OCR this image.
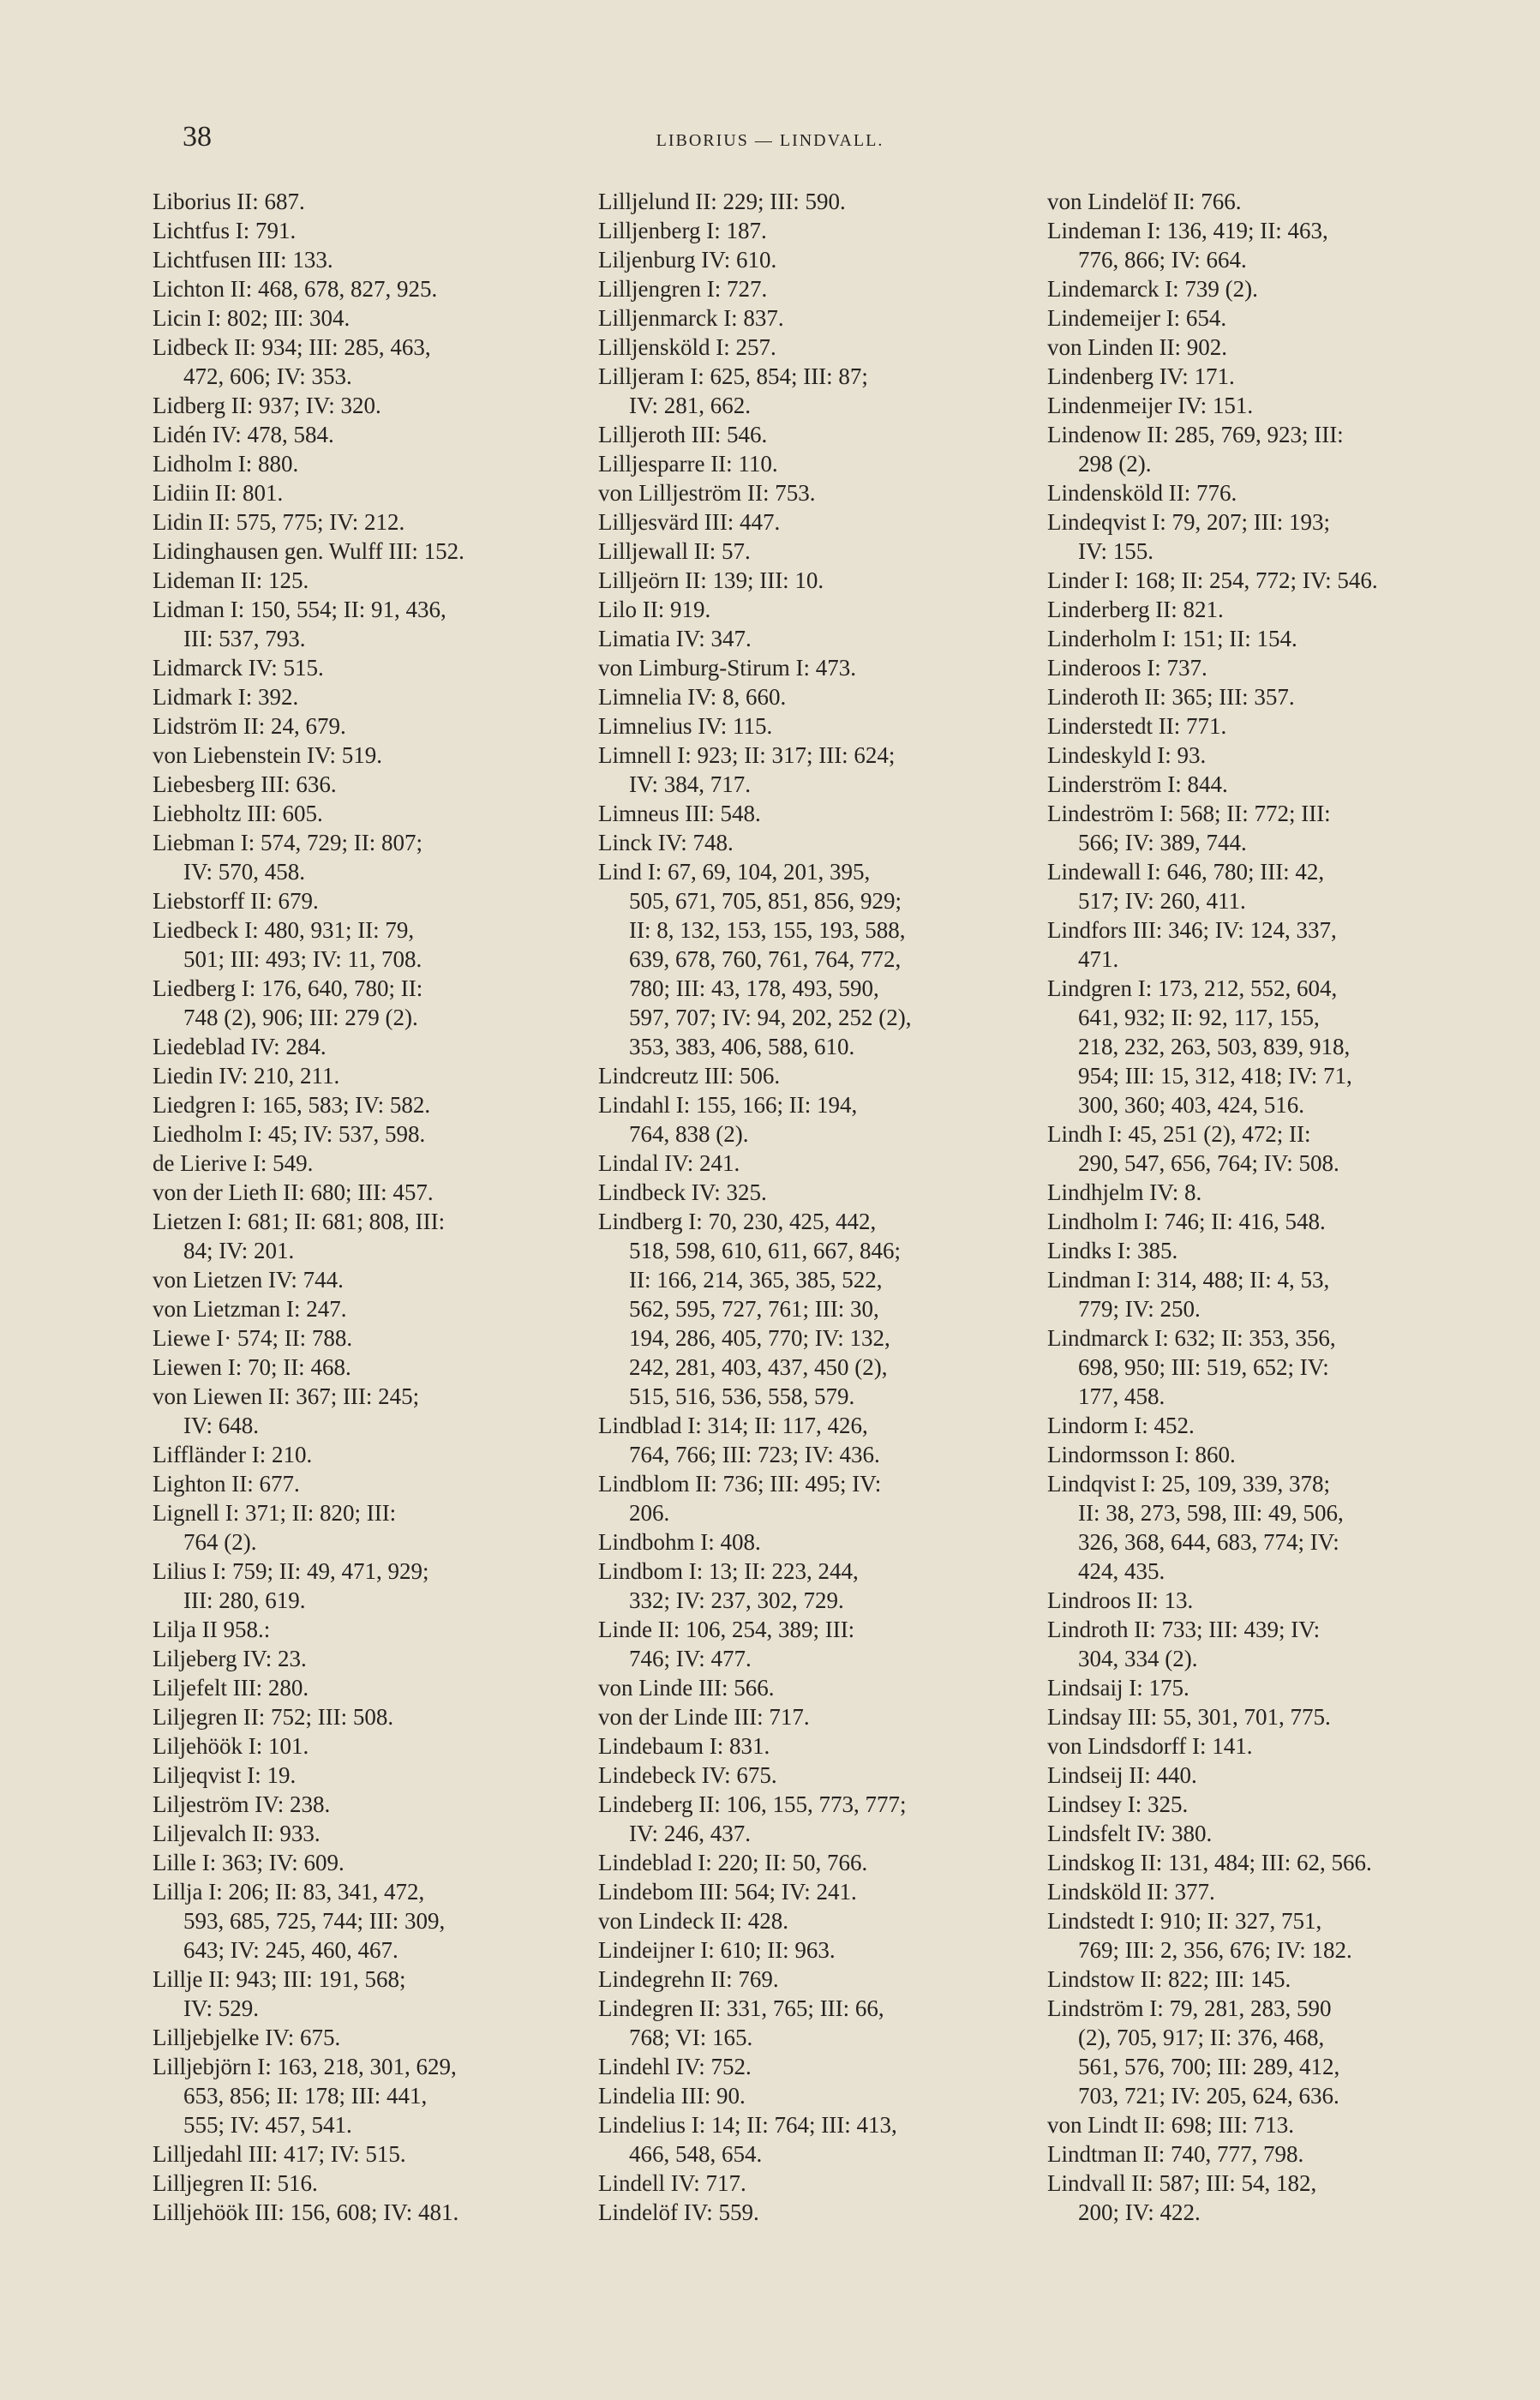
38	LIBORIUS — LINDVALL.
Liborius II: 687.
Lichtfus I: 791.
Lichtfusen III: 133.
Lichton II: 468, 678, 827, 925.
Licin I: 802; III: 304.
Lidbeck II: 934; III: 285, 463,
472, 606; IV: 353.
Lidberg II: 937; IV: 320.
Lidén IV: 478, 584.
Lidholm I: 880.
Lidiin II: 801.
Lidin II: 575, 775; IV: 212.
Lidinghausen gen. Wulff III: 152.
Lideman II: 125.
Lidman I: 150, 554; II: 91, 436,
III: 537, 793.
Lidmarck IV: 515.
Lidmark I: 392.
Lidström II: 24, 679.
von Liebenstein IV: 519.
Liebesberg III: 636.
Liebholtz III: 605.
Liebman I: 574, 729; II: 807;
IV: 570, 458.
Liebstorff II: 679.
Liedbeck I: 480, 931; II: 79,
501; III: 493; IV: 11, 708.
Liedberg I: 176, 640, 780; II:
748 (2), 906; III: 279 (2).
Liedeblad IV: 284.
Liedin IV: 210, 211.
Liedgren I: 165, 583; IV: 582.
Liedholm I: 45; IV: 537, 598.
de Lierive I: 549.
von der Lieth II: 680; III: 457.
Lietzen I: 681; II: 681; 808, III:
84; IV: 201.
von Lietzen IV: 744.
von Lietzman I: 247.
Liewe I· 574; II: 788.
Liewen I: 70; II: 468.
von Liewen II: 367; III: 245;
IV: 648.
Liffländer I: 210.
Lighton II: 677.
Lignell I: 371; II: 820; III:
764 (2).
Lilius I: 759; II: 49, 471, 929;
III: 280, 619.
Lilja II 958.:
Liljeberg IV: 23.
Liljefelt III: 280.
Liljegren II: 752; III: 508.
Liljehöök I: 101.
Liljeqvist I: 19.
Liljeström IV: 238.
Liljevalch II: 933.
Lille I: 363; IV: 609.
Lillja I: 206; II: 83, 341, 472,
593, 685, 725, 744; III: 309,
643; IV: 245, 460, 467.
Lillje II: 943; III: 191, 568;
IV: 529.
Lilljebjelke IV: 675.
Lilljebjörn I: 163, 218, 301, 629,
653, 856; II: 178; III: 441,
555; IV: 457, 541.
Lilljedahl III: 417; IV: 515.
Lilljegren II: 516.
Lilljehöök III: 156, 608; IV: 481.
Lilljelund II: 229; III: 590.
Lilljenberg I: 187.
Liljenburg IV: 610.
Lilljengren I: 727.
Lilljenmarck I: 837.
Lilljensköld I: 257.
Lilljeram I: 625, 854; III: 87;
IV: 281, 662.
Lilljeroth III: 546.
Lilljesparre II: 110.
von Lilljeström II: 753.
Lilljesvärd III: 447.
Lilljewall II: 57.
Lilljeörn II: 139; III: 10.
Lilo II: 919.
Limatia IV: 347.
von Limburg-Stirum I: 473.
Limnelia IV: 8, 660.
Limnelius IV: 115.
Limnell I: 923; II: 317; III: 624;
IV: 384, 717.
Limneus III: 548.
Linck IV: 748.
Lind I: 67, 69, 104, 201, 395,
505, 671, 705, 851, 856, 929;
II: 8, 132, 153, 155, 193, 588,
639, 678, 760, 761, 764, 772,
780; III: 43, 178, 493, 590,
597, 707; IV: 94, 202, 252 (2),
353, 383, 406, 588, 610.
Lindcreutz III: 506.
Lindahl I: 155, 166; II: 194,
764, 838 (2).
Lindal IV: 241.
Lindbeck IV: 325.
Lindberg I: 70, 230, 425, 442,
518, 598, 610, 611, 667, 846;
II: 166, 214, 365, 385, 522,
562, 595, 727, 761; III: 30,
194, 286, 405, 770; IV: 132,
242, 281, 403, 437, 450 (2),
515, 516, 536, 558, 579.
Lindblad I: 314; II: 117, 426,
764, 766; III: 723; IV: 436.
Lindblom II: 736; III: 495; IV:
206.
Lindbohm I: 408.
Lindbom I: 13; II: 223, 244,
332; IV: 237, 302, 729.
Linde II: 106, 254, 389; III:
746; IV: 477.
von Linde III: 566.
von der Linde III: 717.
Lindebaum I: 831.
Lindebeck IV: 675.
Lindeberg II: 106, 155, 773, 777;
IV: 246, 437.
Lindeblad I: 220; II: 50, 766.
Lindebom III: 564; IV: 241.
von Lindeck II: 428.
Lindeijner I: 610; II: 963.
Lindegrehn II: 769.
Lindegren II: 331, 765; III: 66,
768; VI: 165.
Lindehl IV: 752.
Lindelia III: 90.
Lindelius I: 14; II: 764; III: 413,
466, 548, 654.
Lindell IV: 717.
Lindelöf IV: 559.
von Lindelöf II: 766.
Lindeman I: 136, 419; II: 463,
776, 866; IV: 664.
Lindemarck I: 739 (2).
Lindemeijer I: 654.
von Linden II: 902.
Lindenberg IV: 171.
Lindenmeijer IV: 151.
Lindenow II: 285, 769, 923; III:
298 (2).
Lindensköld II: 776.
Lindeqvist I: 79, 207; III: 193;
IV: 155.
Linder I: 168; II: 254, 772; IV: 546.
Linderberg II: 821.
Linderholm I: 151; II: 154.
Linderoos I: 737.
Linderoth II: 365; III: 357.
Linderstedt II: 771.
Lindeskyld I: 93.
Linderström I: 844.
Lindeström I: 568; II: 772; III:
566; IV: 389, 744.
Lindewall I: 646, 780; III: 42,
517; IV: 260, 411.
Lindfors III: 346; IV: 124, 337,
471.
Lindgren I: 173, 212, 552, 604,
641, 932; II: 92, 117, 155,
218, 232, 263, 503, 839, 918,
954; III: 15, 312, 418; IV: 71,
300, 360; 403, 424, 516.
Lindh I: 45, 251 (2), 472; II:
290, 547, 656, 764; IV: 508.
Lindhjelm IV: 8.
Lindholm I: 746; II: 416, 548.
Lindks I: 385.
Lindman I: 314, 488; II: 4, 53,
779; IV: 250.
Lindmarck I: 632; II: 353, 356,
698, 950; III: 519, 652; IV:
177, 458.
Lindorm I: 452.
Lindormsson I: 860.
Lindqvist I: 25, 109, 339, 378;
II: 38, 273, 598, III: 49, 506,
326, 368, 644, 683, 774; IV:
424, 435.
Lindroos II: 13.
Lindroth II: 733; III: 439; IV:
304, 334 (2).
Lindsaij I: 175.
Lindsay III: 55, 301, 701, 775.
von Lindsdorff I: 141.
Lindseij II: 440.
Lindsey I: 325.
Lindsfelt IV: 380.
Lindskog II: 131, 484; III: 62, 566.
Lindsköld II: 377.
Lindstedt I: 910; II: 327, 751,
769; III: 2, 356, 676; IV: 182.
Lindstow II: 822; III: 145.
Lindström I: 79, 281, 283, 590
(2), 705, 917; II: 376, 468,
561, 576, 700; III: 289, 412,
703, 721; IV: 205, 624, 636.
von Lindt II: 698; III: 713.
Lindtman II: 740, 777, 798.
Lindvall II: 587; III: 54, 182,
200; IV: 422.
